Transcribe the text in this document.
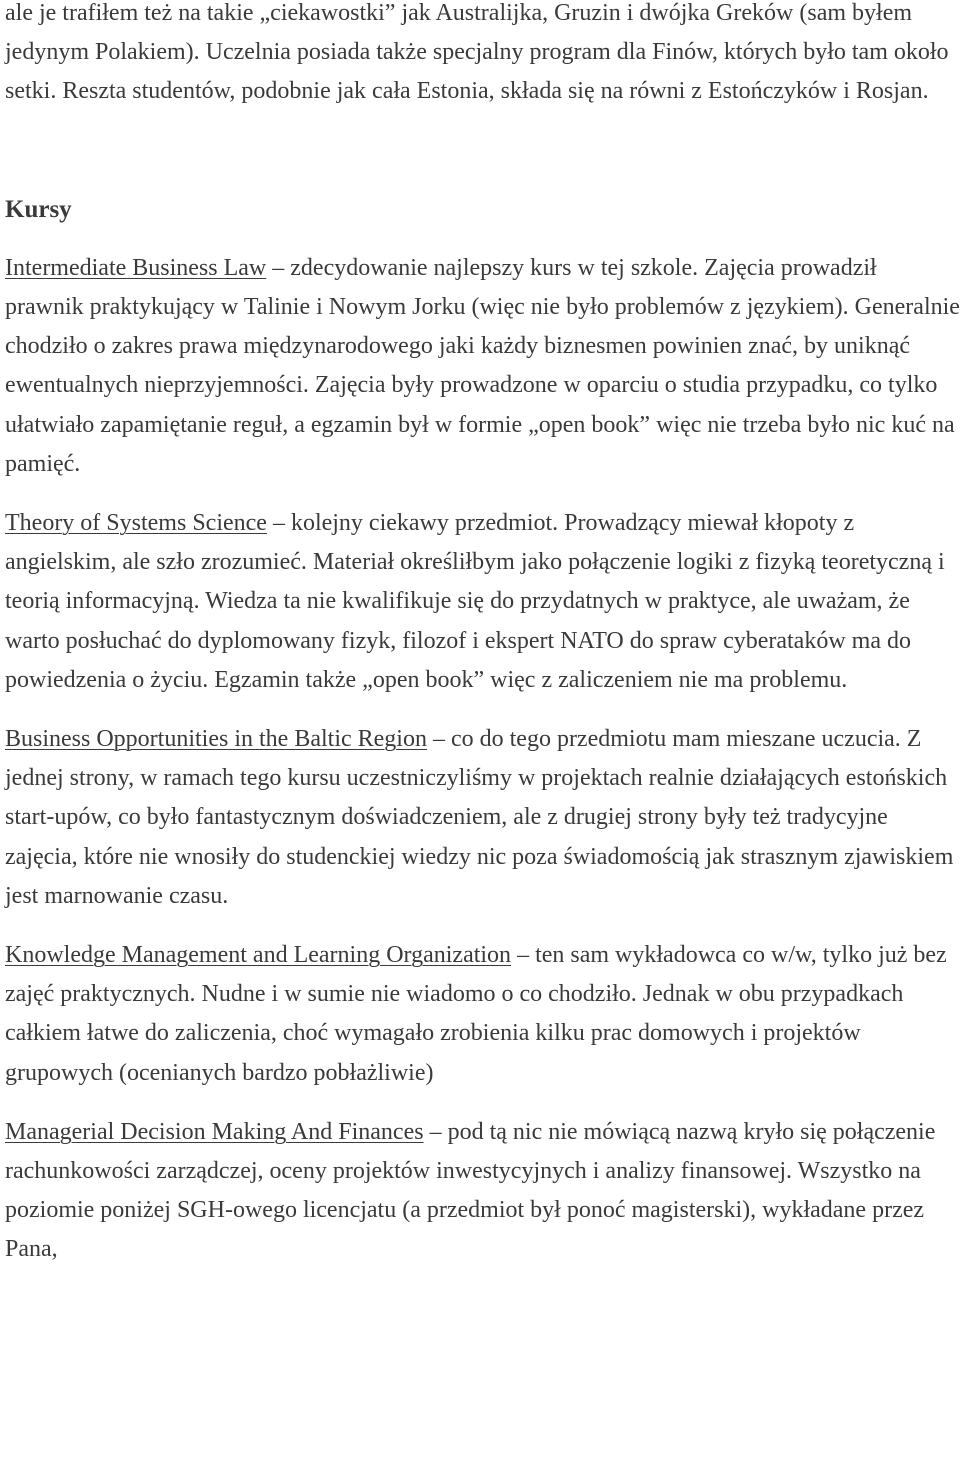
ale je trafiłem też na takie „ciekawostki” jak Australijka, Gruzin i dwójka Greków (sam byłem jedynym Polakiem). Uczelnia posiada także specjalny program dla Finów, których było tam około setki. Reszta studentów, podobnie jak cała Estonia, składa się na równi z Estończyków i Rosjan.

Kursy

Intermediate Business Law – zdecydowanie najlepszy kurs w tej szkole. Zajęcia prowadził prawnik praktykujący w Talinie i Nowym Jorku (więc nie było problemów z językiem). Generalnie chodziło o zakres prawa międzynarodowego jaki każdy biznesmen powinien znać, by uniknąć ewentualnych nieprzyjemności. Zajęcia były prowadzone w oparciu o studia przypadku, co tylko ułatwiało zapamiętanie reguł, a egzamin był w formie „open book” więc nie trzeba było nic kuć na pamięć.

Theory of Systems Science – kolejny ciekawy przedmiot. Prowadzący miewał kłopoty z angielskim, ale szło zrozumieć. Materiał określiłbym jako połączenie logiki z fizyką teoretyczną i teorią informacyjną. Wiedza ta nie kwalifikuje się do przydatnych w praktyce, ale uważam, że warto posłuchać do dyplomowany fizyk, filozof i ekspert NATO do spraw cyberataków ma do powiedzenia o życiu. Egzamin także „open book” więc z zaliczeniem nie ma problemu.

Business Opportunities in the Baltic Region – co do tego przedmiotu mam mieszane uczucia. Z jednej strony, w ramach tego kursu uczestniczyliśmy w projektach realnie działających estońskich start-upów, co było fantastycznym doświadczeniem, ale z drugiej strony były też tradycyjne zajęcia, które nie wnosiły do studenckiej wiedzy nic poza świadomością jak strasznym zjawiskiem jest marnowanie czasu.

Knowledge Management and Learning Organization – ten sam wykładowca co w/w, tylko już bez zajęć praktycznych. Nudne i w sumie nie wiadomo o co chodziło. Jednak w obu przypadkach całkiem łatwe do zaliczenia, choć wymagało zrobienia kilku prac domowych i projektów grupowych (ocenianych bardzo pobłażliwie)

Managerial Decision Making And Finances – pod tą nic nie mówiącą nazwą kryło się połączenie rachunkowości zarządczej, oceny projektów inwestycyjnych i analizy finansowej. Wszystko na poziomie poniżej SGH-owego licencjatu (a przedmiot był ponoć magisterski), wykładane przez Pana,
